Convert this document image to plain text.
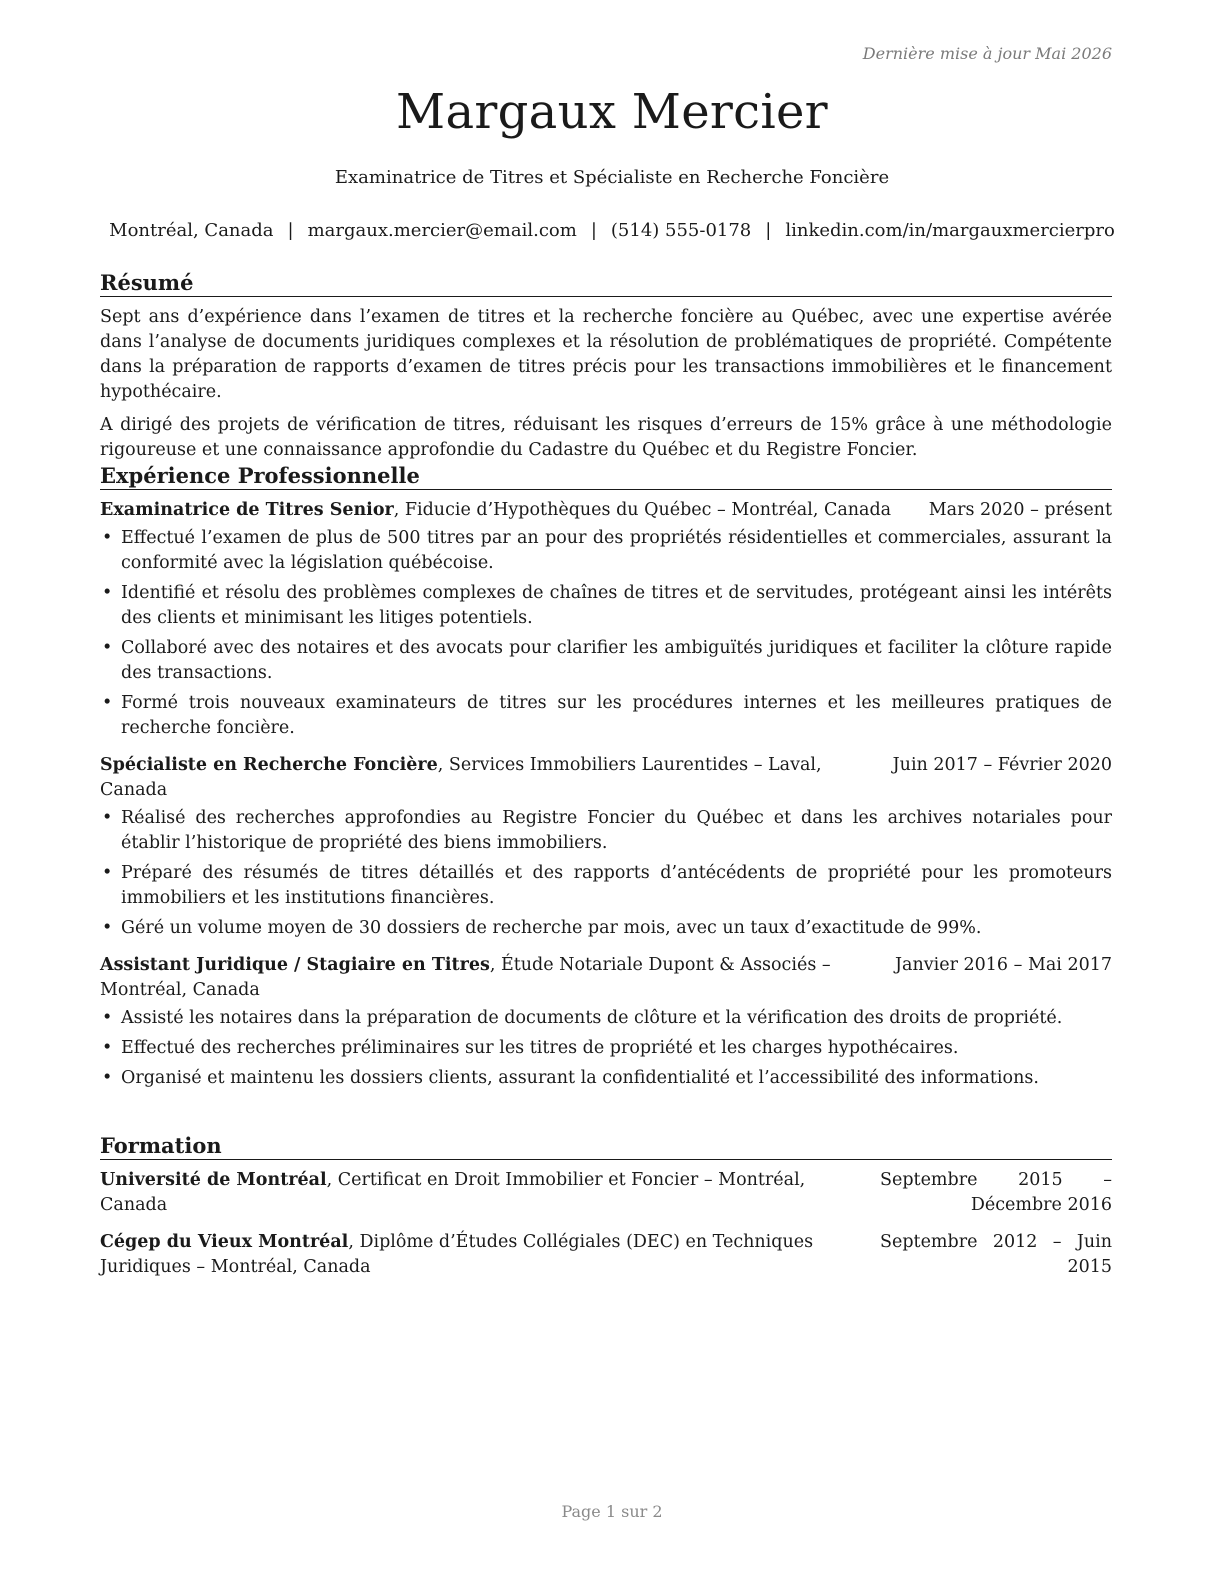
Dernière mise à jour Mai 2026
Margaux Mercier
Examinatrice de Titres et Spécialiste en Recherche Foncière
Montréal, Canada | margaux.mercier@email.com | (514) 555-0178 | linkedin.com/in/margauxmercierpro
Résumé

Sept ans d’expérience dans l’examen de titres et la recherche foncière au Québec, avec une expertise avérée dans l’analyse de documents juridiques complexes et la résolution de problématiques de propriété. Compétente dans la préparation de rapports d’examen de titres précis pour les transactions immobilières et le financement hypothécaire.

A dirigé des projets de vérification de titres, réduisant les risques d’erreurs de 15% grâce à une méthodologie rigoureuse et une connaissance approfondie du Cadastre du Québec et du Registre Foncier.

Expérience Professionnelle
Examinatrice de Titres Senior, Fiducie d’Hypothèques du Québec – Montréal, Canada	Mars 2020 – présent
• Effectué l’examen de plus de 500 titres par an pour des propriétés résidentielles et commerciales, assurant la conformité avec la législation québécoise.
• Identifié et résolu des problèmes complexes de chaînes de titres et de servitudes, protégeant ainsi les intérêts des clients et minimisant les litiges potentiels.
• Collaboré avec des notaires et des avocats pour clarifier les ambiguïtés juridiques et faciliter la clôture rapide des transactions.
• Formé trois nouveaux examinateurs de titres sur les procédures internes et les meilleures pratiques de recherche foncière.
Spécialiste en Recherche Foncière, Services Immobiliers Laurentides – Laval, Canada
Juin 2017 – Février 2020
• Réalisé des recherches approfondies au Registre Foncier du Québec et dans les archives notariales pour établir l’historique de propriété des biens immobiliers.
• Préparé des résumés de titres détaillés et des rapports d’antécédents de propriété pour les promoteurs immobiliers et les institutions financières.
• Géré un volume moyen de 30 dossiers de recherche par mois, avec un taux d’exactitude de 99%.
Assistant Juridique / Stagiaire en Titres, Étude Notariale Dupont & Associés – Montréal, Canada
Janvier 2016 – Mai 2017
• Assisté les notaires dans la préparation de documents de clôture et la vérification des droits de propriété.
• Effectué des recherches préliminaires sur les titres de propriété et les charges hypothécaires.
• Organisé et maintenu les dossiers clients, assurant la confidentialité et l’accessibilité des informations.
Formation
Université de Montréal, Certificat en Droit Immobilier et Foncier – Montréal, Canada
Septembre 2015 – Décembre 2016
Cégep du Vieux Montréal, Diplôme d’Études Collégiales (DEC) en Techniques Juridiques – Montréal, Canada
Septembre 2012 – Juin 2015
Page 1 sur 2
